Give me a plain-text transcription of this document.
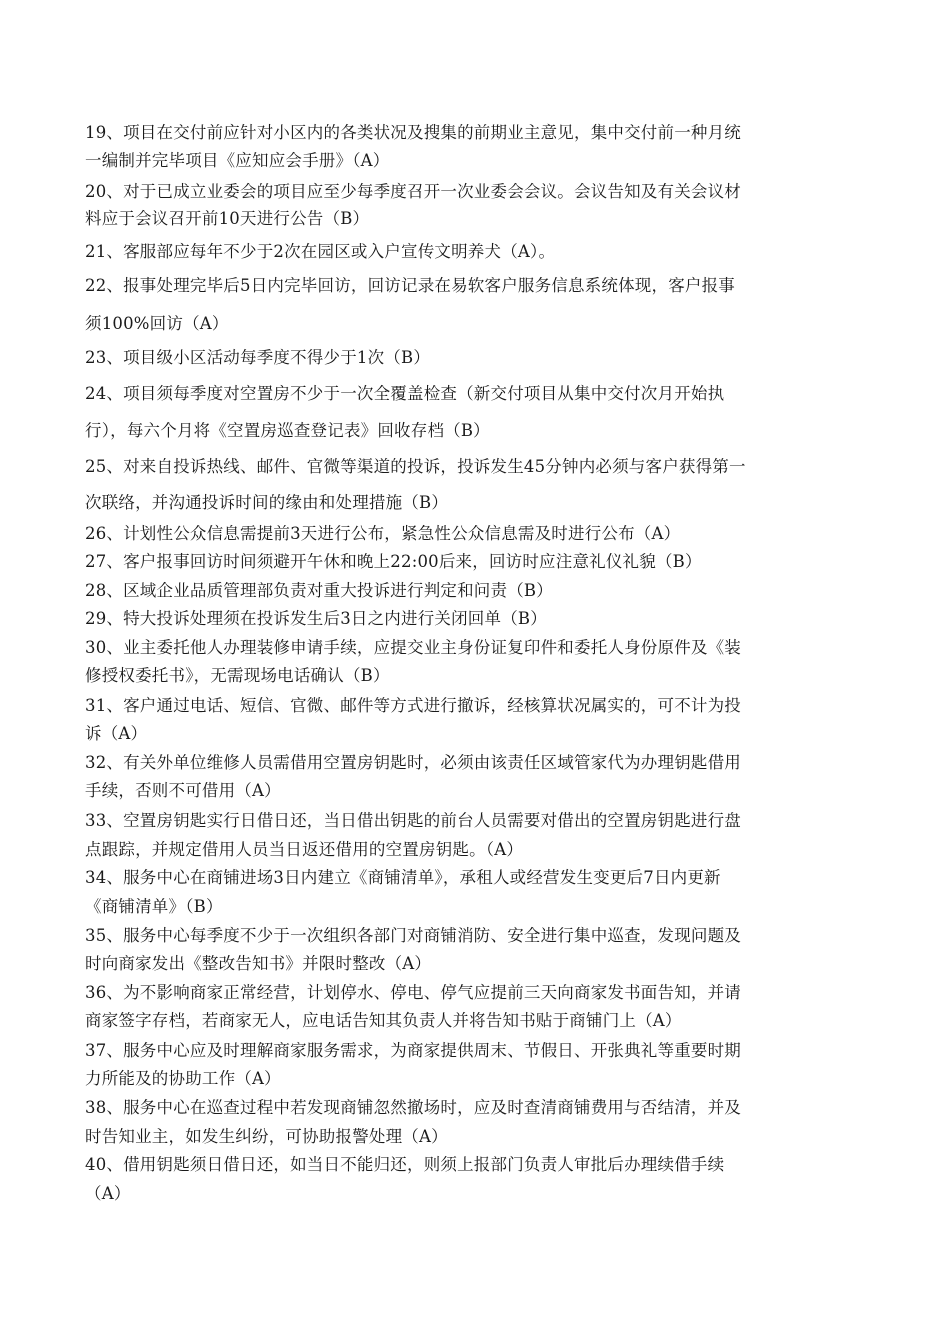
19、项目在交付前应针对小区内的各类状况及搜集的前期业主意见，集中交付前一种月统
一编制并完毕项目《应知应会手册》（A）
20、对于已成立业委会的项目应至少每季度召开一次业委会会议。会议告知及有关会议材
料应于会议召开前10天进行公告（B）
21、客服部应每年不少于2次在园区或入户宣传文明养犬（A）。
22、报事处理完毕后5日内完毕回访，回访记录在易软客户服务信息系统体现，客户报事
须100%回访（A）
23、项目级小区活动每季度不得少于1次（B）
24、项目须每季度对空置房不少于一次全覆盖检查（新交付项目从集中交付次月开始执
行），每六个月将《空置房巡查登记表》回收存档（B）
25、对来自投诉热线、邮件、官微等渠道的投诉，投诉发生45分钟内必须与客户获得第一
次联络，并沟通投诉时间的缘由和处理措施（B）
26、计划性公众信息需提前3天进行公布，紧急性公众信息需及时进行公布（A）
27、客户报事回访时间须避开午休和晚上22:00后来，回访时应注意礼仪礼貌（B）
28、区域企业品质管理部负责对重大投诉进行判定和问责（B）
29、特大投诉处理须在投诉发生后3日之内进行关闭回单（B）
30、业主委托他人办理装修申请手续，应提交业主身份证复印件和委托人身份原件及《装
修授权委托书》，无需现场电话确认（B）
31、客户通过电话、短信、官微、邮件等方式进行撤诉，经核算状况属实的，可不计为投
诉（A）
32、有关外单位维修人员需借用空置房钥匙时，必须由该责任区域管家代为办理钥匙借用
手续，否则不可借用（A）
33、空置房钥匙实行日借日还，当日借出钥匙的前台人员需要对借出的空置房钥匙进行盘
点跟踪，并规定借用人员当日返还借用的空置房钥匙。（A）
34、服务中心在商铺进场3日内建立《商铺清单》，承租人或经营发生变更后7日内更新
《商铺清单》（B）
35、服务中心每季度不少于一次组织各部门对商铺消防、安全进行集中巡查，发现问题及
时向商家发出《整改告知书》并限时整改（A）
36、为不影响商家正常经营，计划停水、停电、停气应提前三天向商家发书面告知，并请
商家签字存档，若商家无人，应电话告知其负责人并将告知书贴于商铺门上（A）
37、服务中心应及时理解商家服务需求，为商家提供周末、节假日、开张典礼等重要时期
力所能及的协助工作（A）
38、服务中心在巡查过程中若发现商铺忽然撤场时，应及时查清商铺费用与否结清，并及
时告知业主，如发生纠纷，可协助报警处理（A）
40、借用钥匙须日借日还，如当日不能归还，则须上报部门负责人审批后办理续借手续
（A）
